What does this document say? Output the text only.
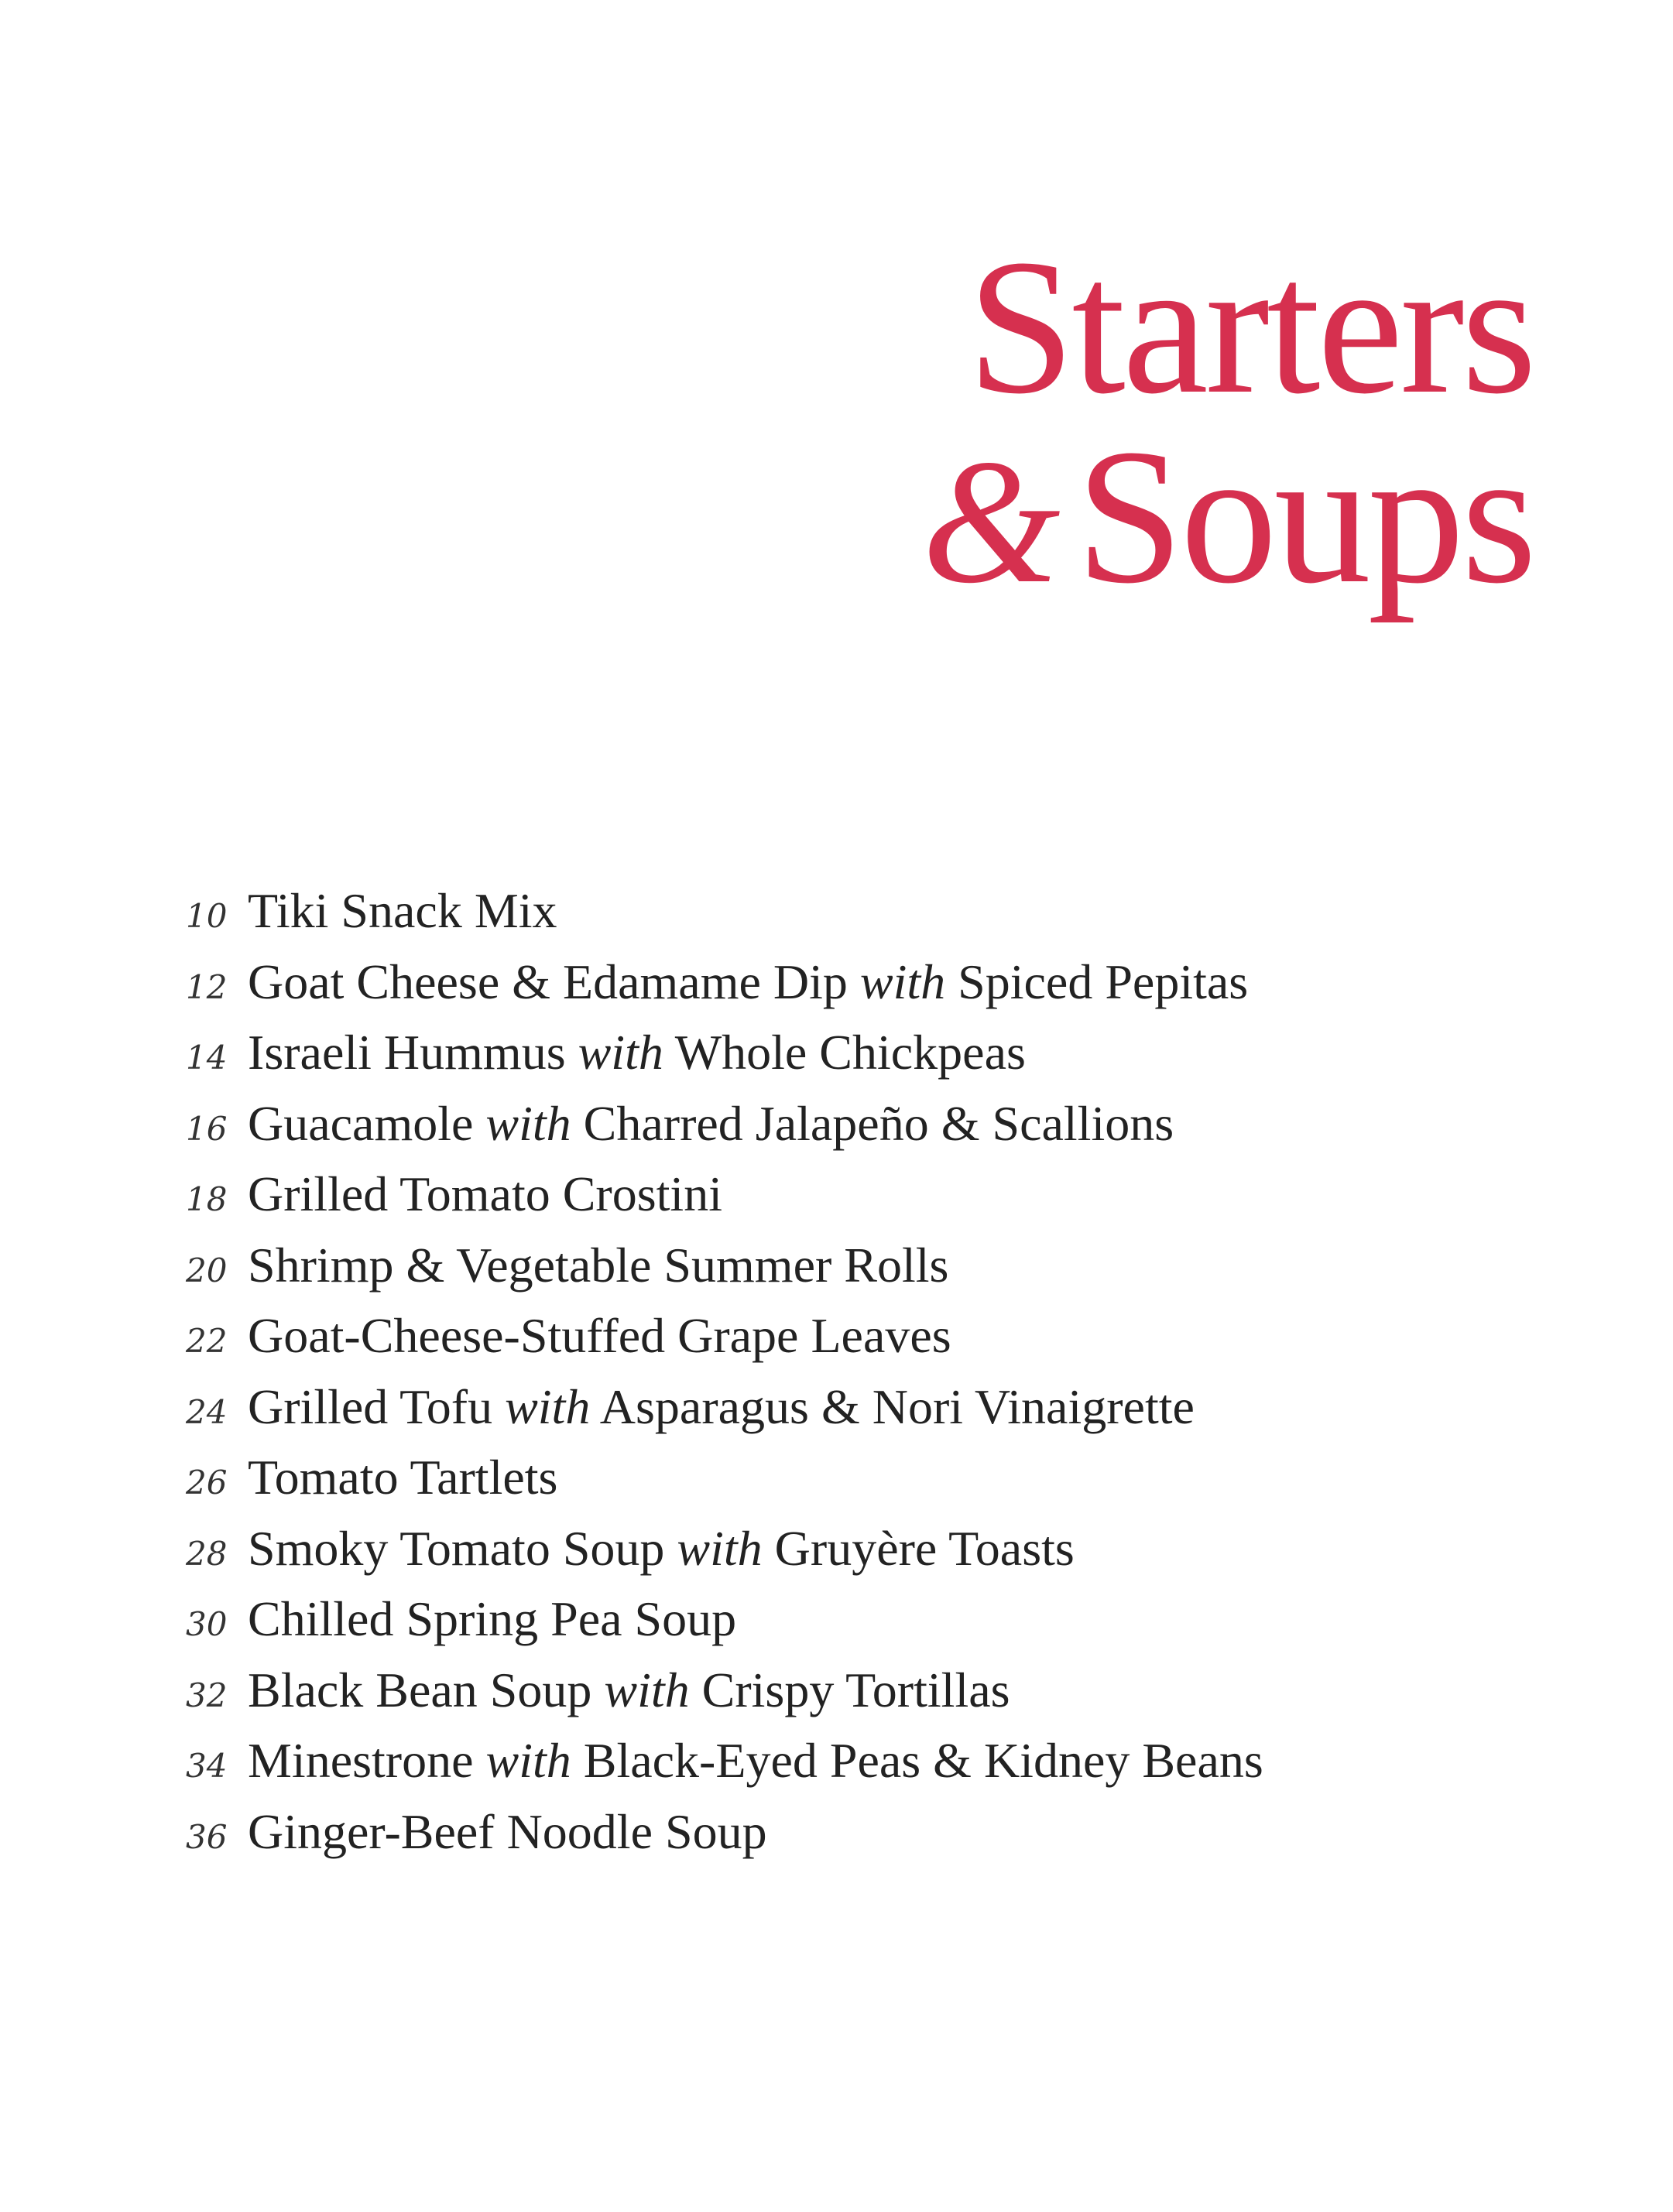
Starters
&Soups
10 Tiki Snack Mix
12 Goat Cheese & Edamame Dip with Spiced Pepitas
14 Israeli Hummus with Whole Chickpeas
16 Guacamole with Charred Jalapeño & Scallions
18 Grilled Tomato Crostini
20 Shrimp & Vegetable Summer Rolls
22 Goat-Cheese-Stuffed Grape Leaves
24 Grilled Tofu with Asparagus & Nori Vinaigrette
26 Tomato Tartlets
28 Smoky Tomato Soup with Gruyère Toasts
30 Chilled Spring Pea Soup
32 Black Bean Soup with Crispy Tortillas
34 Minestrone with Black-Eyed Peas & Kidney Beans
36 Ginger-Beef Noodle Soup
